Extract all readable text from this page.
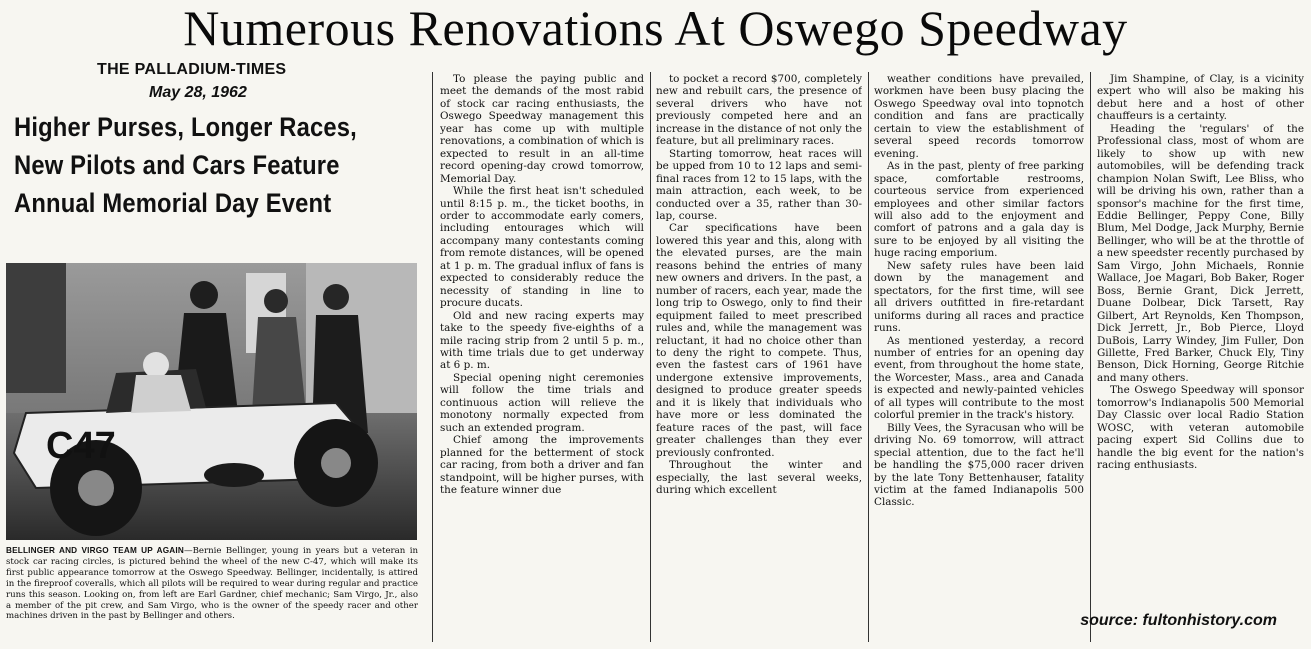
Numerous Renovations At Oswego Speedway
THE PALLADIUM-TIMES
May 28, 1962
Higher Purses, Longer Races,
New Pilots and Cars Feature
Annual Memorial Day Event
C47
BELLINGER AND VIRGO TEAM UP AGAIN—Bernie Bellinger, young in years but a veteran in stock car racing circles, is pictured behind the wheel of the new C-47, which will make its first public appearance tomorrow at the Oswego Speedway. Bellinger, incidentally, is attired in the fireproof coveralls, which all pilots will be required to wear during regular and practice runs this season. Looking on, from left are Earl Gardner, chief mechanic; Sam Virgo, Jr., also a member of the pit crew, and Sam Virgo, who is the owner of the speedy racer and other machines driven in the past by Bellinger and others.

To please the paying public and meet the demands of the most rabid of stock car racing enthusiasts, the Oswego Speedway management this year has come up with multiple renovations, a combination of which is expected to result in an all-time record opening-day crowd tomorrow, Memorial Day.

While the first heat isn't scheduled until 8:15 p. m., the ticket booths, in order to accommodate early comers, including entourages which will accompany many contestants coming from remote distances, will be opened at 1 p. m. The gradual influx of fans is expected to considerably reduce the necessity of standing in line to procure ducats.

Old and new racing experts may take to the speedy five-eighths of a mile racing strip from 2 until 5 p. m., with time trials due to get underway at 6 p. m.

Special opening night ceremonies will follow the time trials and continuous action will relieve the monotony normally expected from such an extended program.

Chief among the improvements planned for the betterment of stock car racing, from both a driver and fan standpoint, will be higher purses, with the feature winner due

to pocket a record $700, completely new and rebuilt cars, the presence of several drivers who have not previously competed here and an increase in the distance of not only the feature, but all preliminary races.

Starting tomorrow, heat races will be upped from 10 to 12 laps and semi-final races from 12 to 15 laps, with the main attraction, each week, to be conducted over a 35, rather than 30-lap, course.

Car specifications have been lowered this year and this, along with the elevated purses, are the main reasons behind the entries of many new owners and drivers. In the past, a number of racers, each year, made the long trip to Oswego, only to find their equipment failed to meet prescribed rules and, while the management was reluctant, it had no choice other than to deny the right to compete. Thus, even the fastest cars of 1961 have undergone extensive improvements, designed to produce greater speeds and it is likely that individuals who have more or less dominated the feature races of the past, will face greater challenges than they ever previously confronted.

Throughout the winter and especially, the last several weeks, during which excellent

weather conditions have prevailed, workmen have been busy placing the Oswego Speedway oval into topnotch condition and fans are practically certain to view the establishment of several speed records tomorrow evening.

As in the past, plenty of free parking space, comfortable restrooms, courteous service from experienced employees and other similar factors will also add to the enjoyment and comfort of patrons and a gala day is sure to be enjoyed by all visiting the huge racing emporium.

New safety rules have been laid down by the management and spectators, for the first time, will see all drivers outfitted in fire-retardant uniforms during all races and practice runs.

As mentioned yesterday, a record number of entries for an opening day event, from throughout the home state, the Worcester, Mass., area and Canada is expected and newly-painted vehicles of all types will contribute to the most colorful premier in the track's history.

Billy Vees, the Syracusan who will be driving No. 69 tomorrow, will attract special attention, due to the fact he'll be handling the $75,000 racer driven by the late Tony Bettenhauser, fatality victim at the famed Indianapolis 500 Classic.

Jim Shampine, of Clay, is a vicinity expert who will also be making his debut here and a host of other chauffeurs is a certainty.

Heading the 'regulars' of the Professional class, most of whom are likely to show up with new automobiles, will be defending track champion Nolan Swift, Lee Bliss, who will be driving his own, rather than a sponsor's machine for the first time, Eddie Bellinger, Peppy Cone, Billy Blum, Mel Dodge, Jack Murphy, Bernie Bellinger, who will be at the throttle of a new speedster recently purchased by Sam Virgo, John Michaels, Ronnie Wallace, Joe Magari, Bob Baker, Roger Boss, Bernie Grant, Dick Jerrett, Duane Dolbear, Dick Tarsett, Ray Gilbert, Art Reynolds, Ken Thompson, Dick Jerrett, Jr., Bob Pierce, Lloyd DuBois, Larry Windey, Jim Fuller, Don Gillette, Fred Barker, Chuck Ely, Tiny Benson, Dick Horning, George Ritchie and many others.

The Oswego Speedway will sponsor tomorrow's Indianapolis 500 Memorial Day Classic over local Radio Station WOSC, with veteran automobile pacing expert Sid Collins due to handle the big event for the nation's racing enthusiasts.

source: fultonhistory.com
